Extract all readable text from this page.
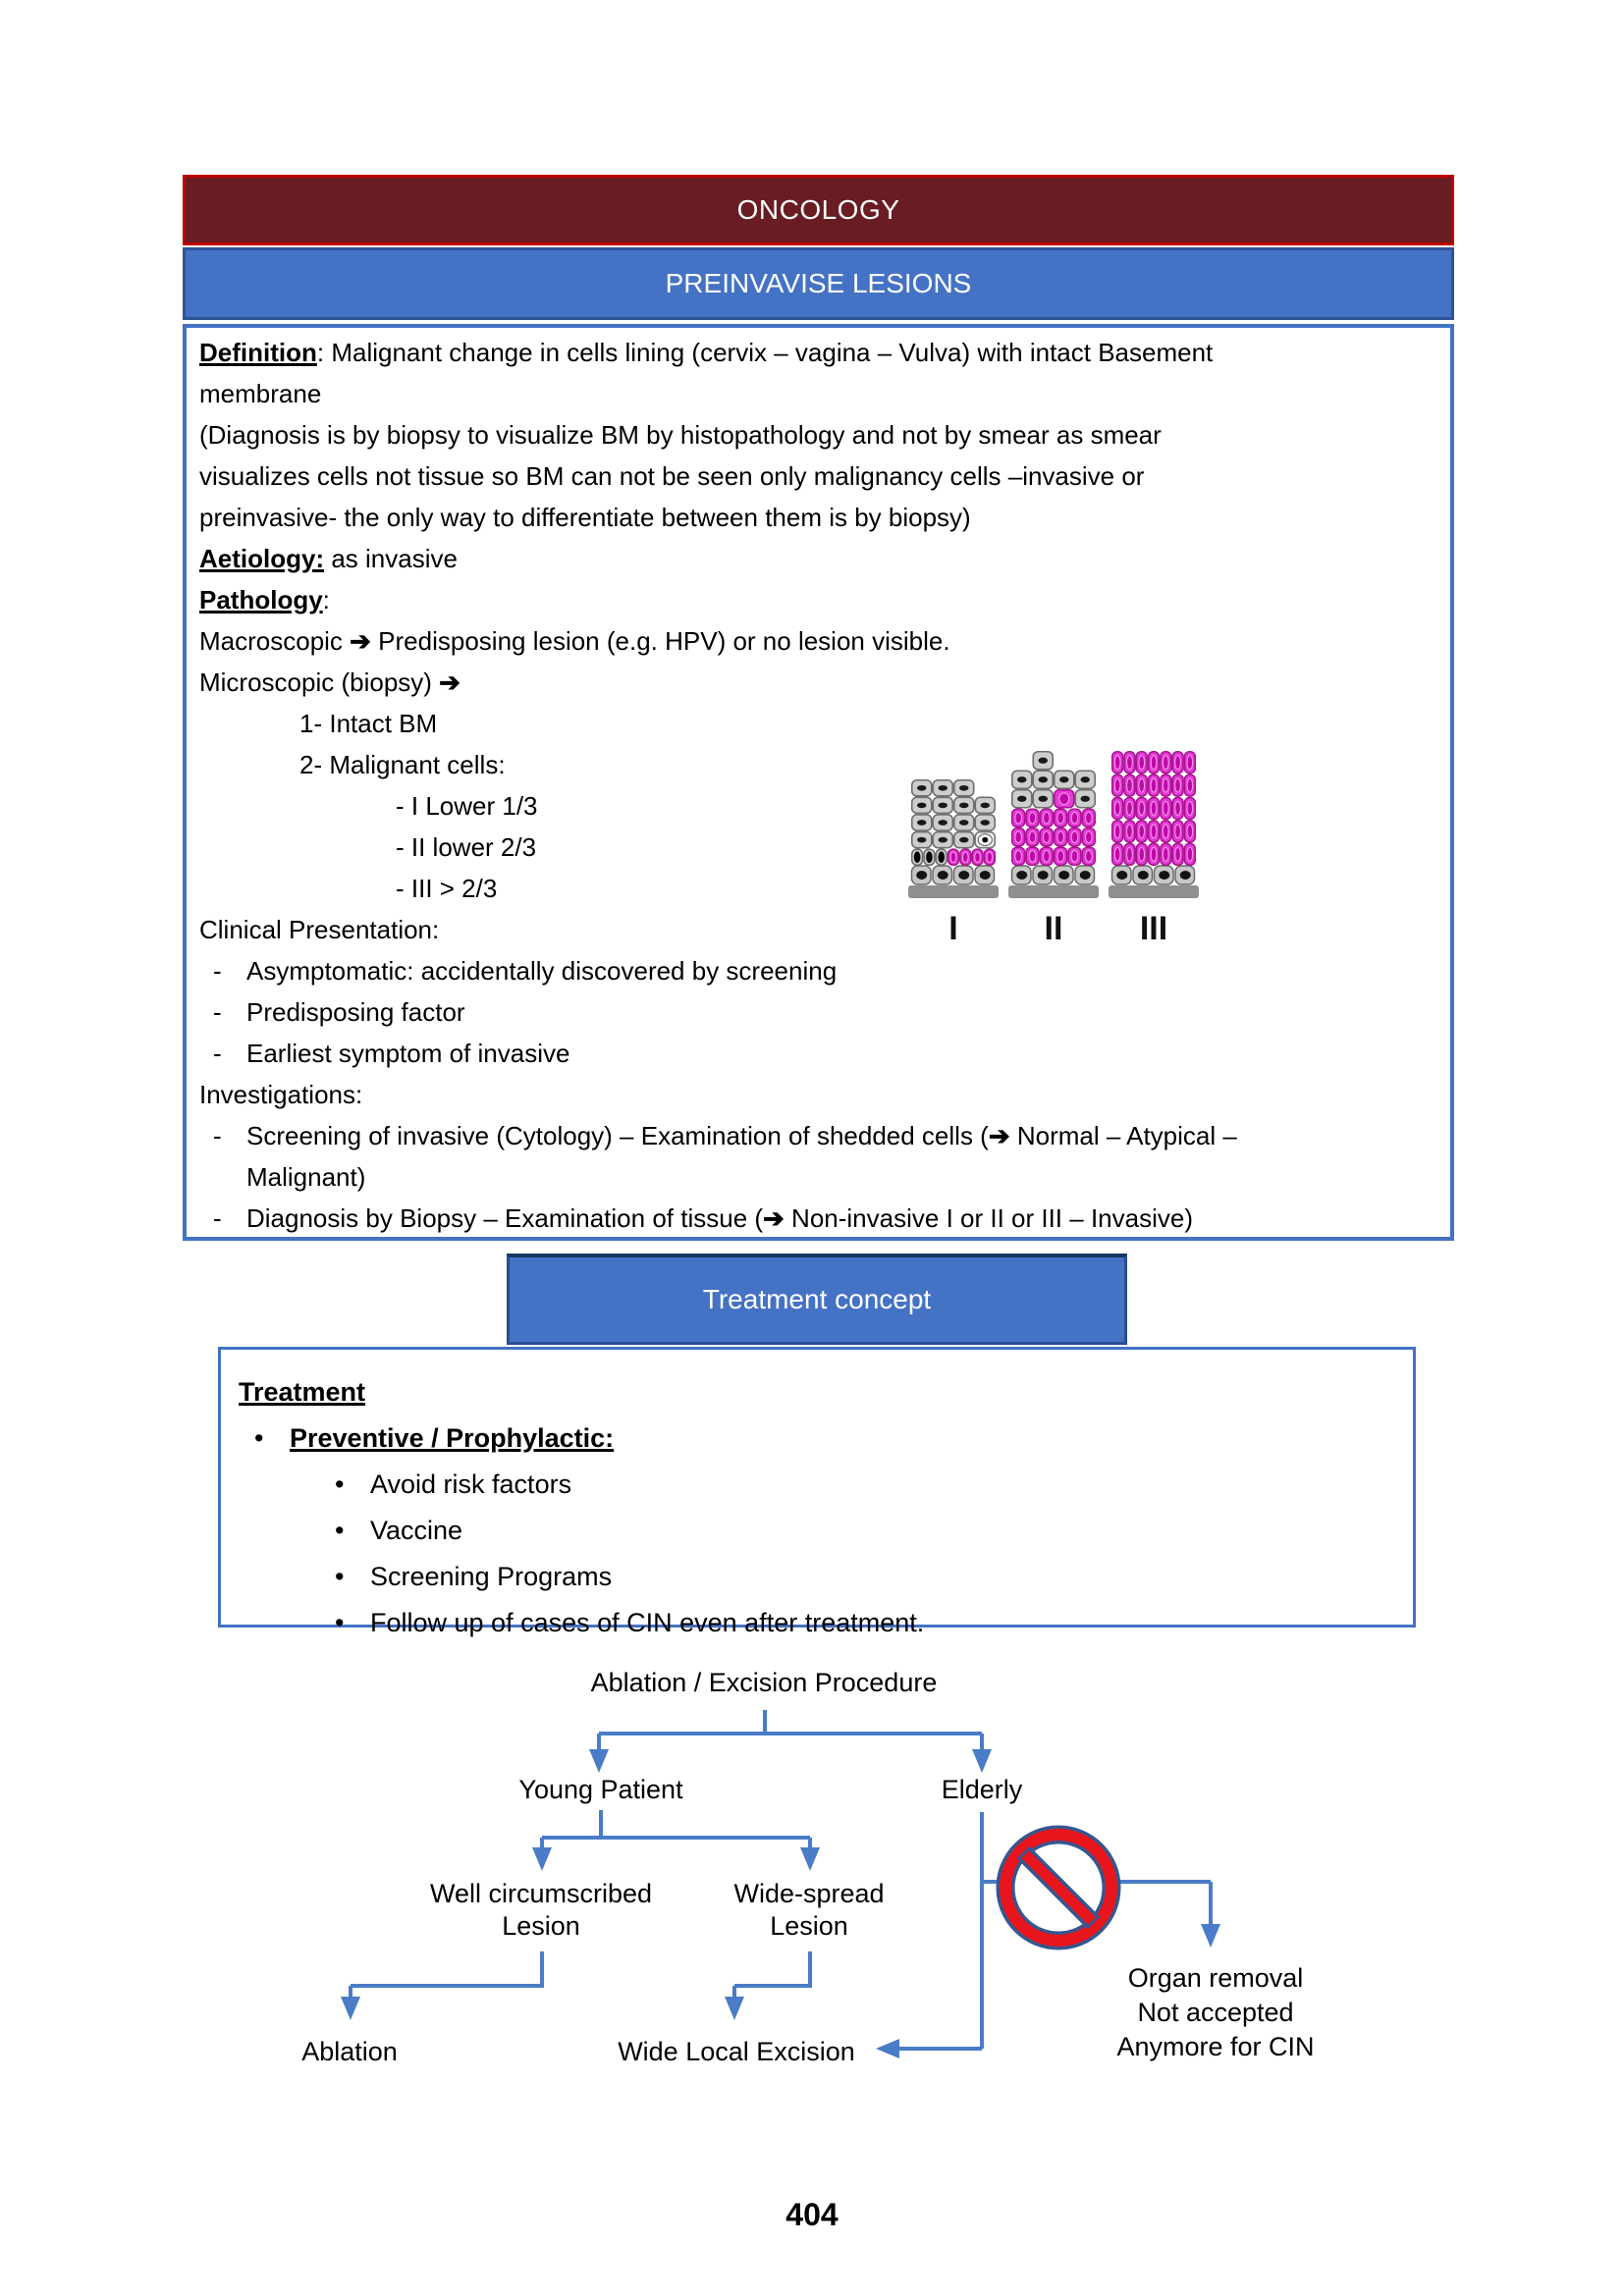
ONCOLOGY
PREINVAVISE LESIONS
Definition: Malignant change in cells lining (cervix – vagina – Vulva) with intact Basement
membrane
(Diagnosis is by biopsy to visualize BM by histopathology and not by smear as smear
visualizes cells not tissue so BM can not be seen only malignancy cells –invasive or
preinvasive- the only way to differentiate between them is by biopsy)
Aetiology: as invasive
Pathology:
Macroscopic ➔ Predisposing lesion (e.g. HPV) or no lesion visible.
Microscopic (biopsy) ➔
1- Intact BM
2- Malignant cells:
- I Lower 1/3
- II lower 2/3
- III > 2/3
Clinical Presentation:
- Asymptomatic: accidentally discovered by screening
- Predisposing factor
- Earliest symptom of invasive
Investigations:
- Screening of invasive (Cytology) – Examination of shedded cells (➔ Normal – Atypical –
Malignant)
- Diagnosis by Biopsy – Examination of tissue (➔ Non-invasive I or II or III – Invasive)
I	II III
Treatment concept
Treatment
• Preventive / Prophylactic:
• Avoid risk factors
• Vaccine
• Screening Programs
• Follow up of cases of CIN even after treatment.
Ablation / Excision Procedure
Young Patient	Elderly
Well circumscribed Lesion
Wide-spread Lesion
Ablation	Wide Local Excision
Organ removal
Not accepted
Anymore for CIN
404
